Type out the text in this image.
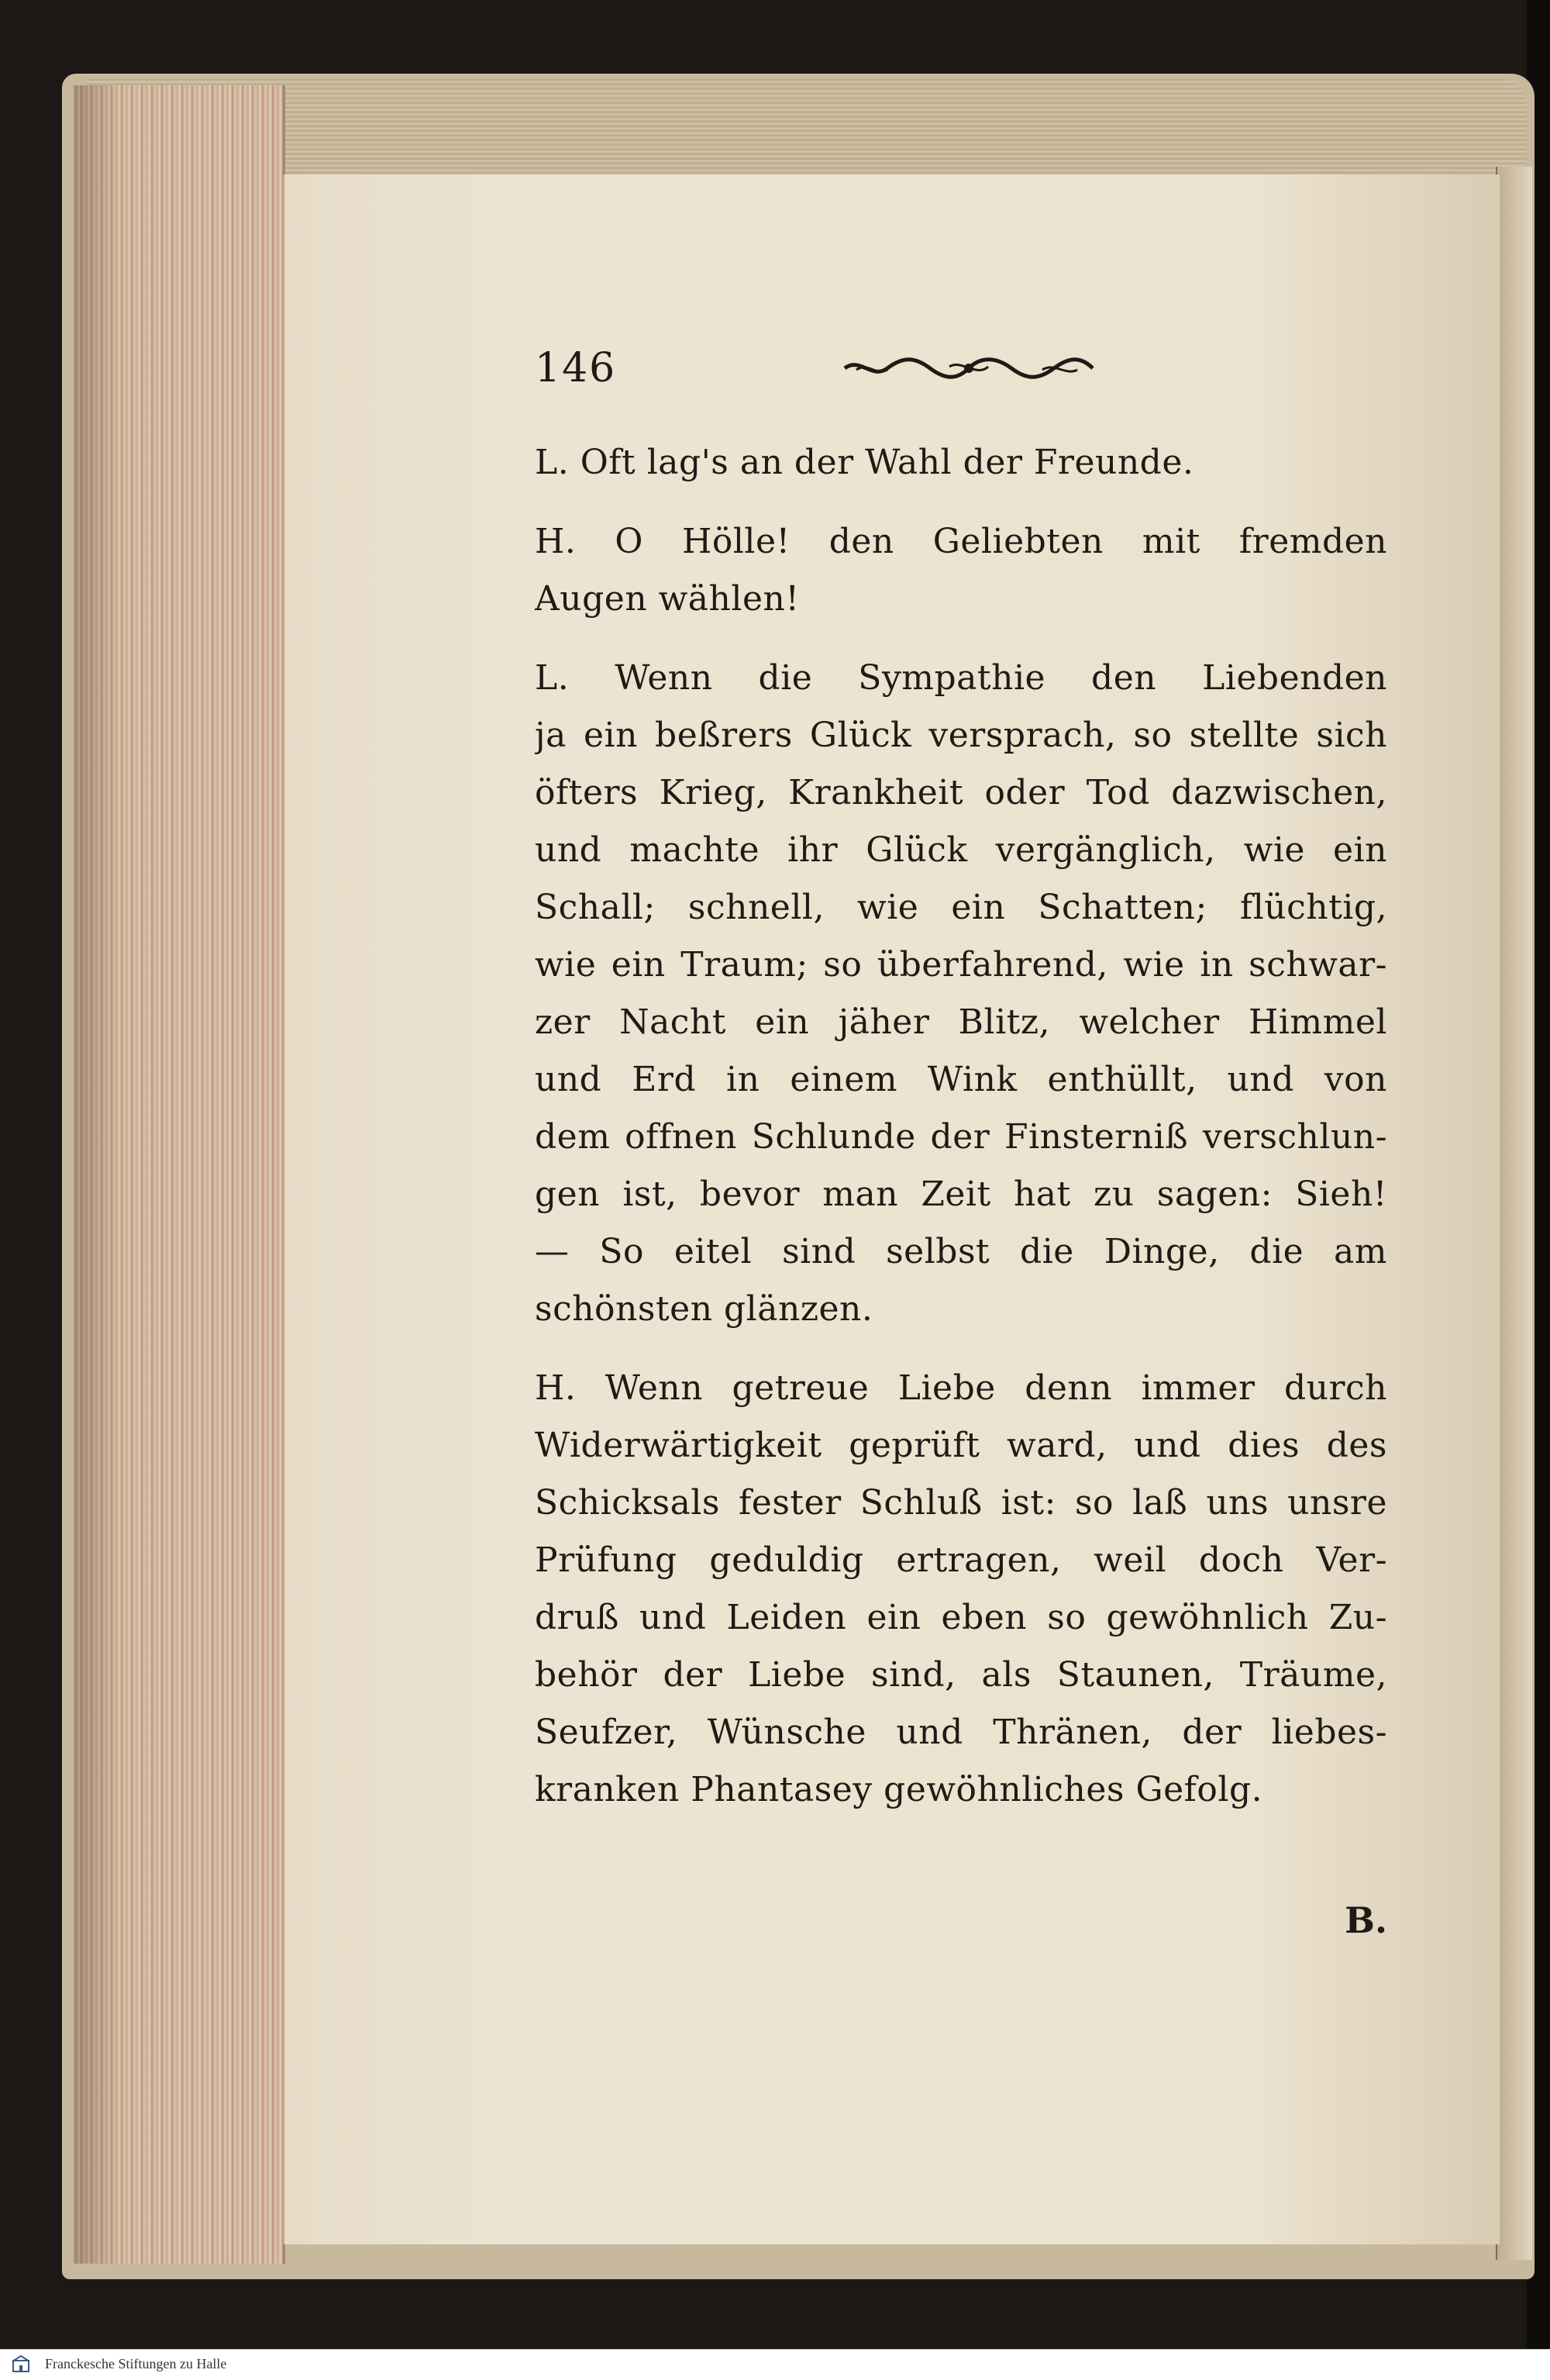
146
L. Oft lag's an der Wahl der Freunde.
H. O Hölle! den Geliebten mit fremden
Augen wählen!
L. Wenn die Sympathie den Liebenden
ja ein beßrers Glück versprach, so stellte sich
öfters Krieg, Krankheit oder Tod dazwischen,
und machte ihr Glück vergänglich, wie ein
Schall; schnell, wie ein Schatten; flüchtig,
wie ein Traum; so überfahrend, wie in schwar-
zer Nacht ein jäher Blitz, welcher Himmel
und Erd in einem Wink enthüllt, und von
dem offnen Schlunde der Finsterniß verschlun-
gen ist, bevor man Zeit hat zu sagen: Sieh!
— So eitel sind selbst die Dinge, die am
schönsten glänzen.
H. Wenn getreue Liebe denn immer durch
Widerwärtigkeit geprüft ward, und dies des
Schicksals fester Schluß ist: so laß uns unsre
Prüfung geduldig ertragen, weil doch Ver-
druß und Leiden ein eben so gewöhnlich Zu-
behör der Liebe sind, als Staunen, Träume,
Seufzer, Wünsche und Thränen, der liebes-
kranken Phantasey gewöhnliches Gefolg.
B.
Franckesche Stiftungen zu Halle
